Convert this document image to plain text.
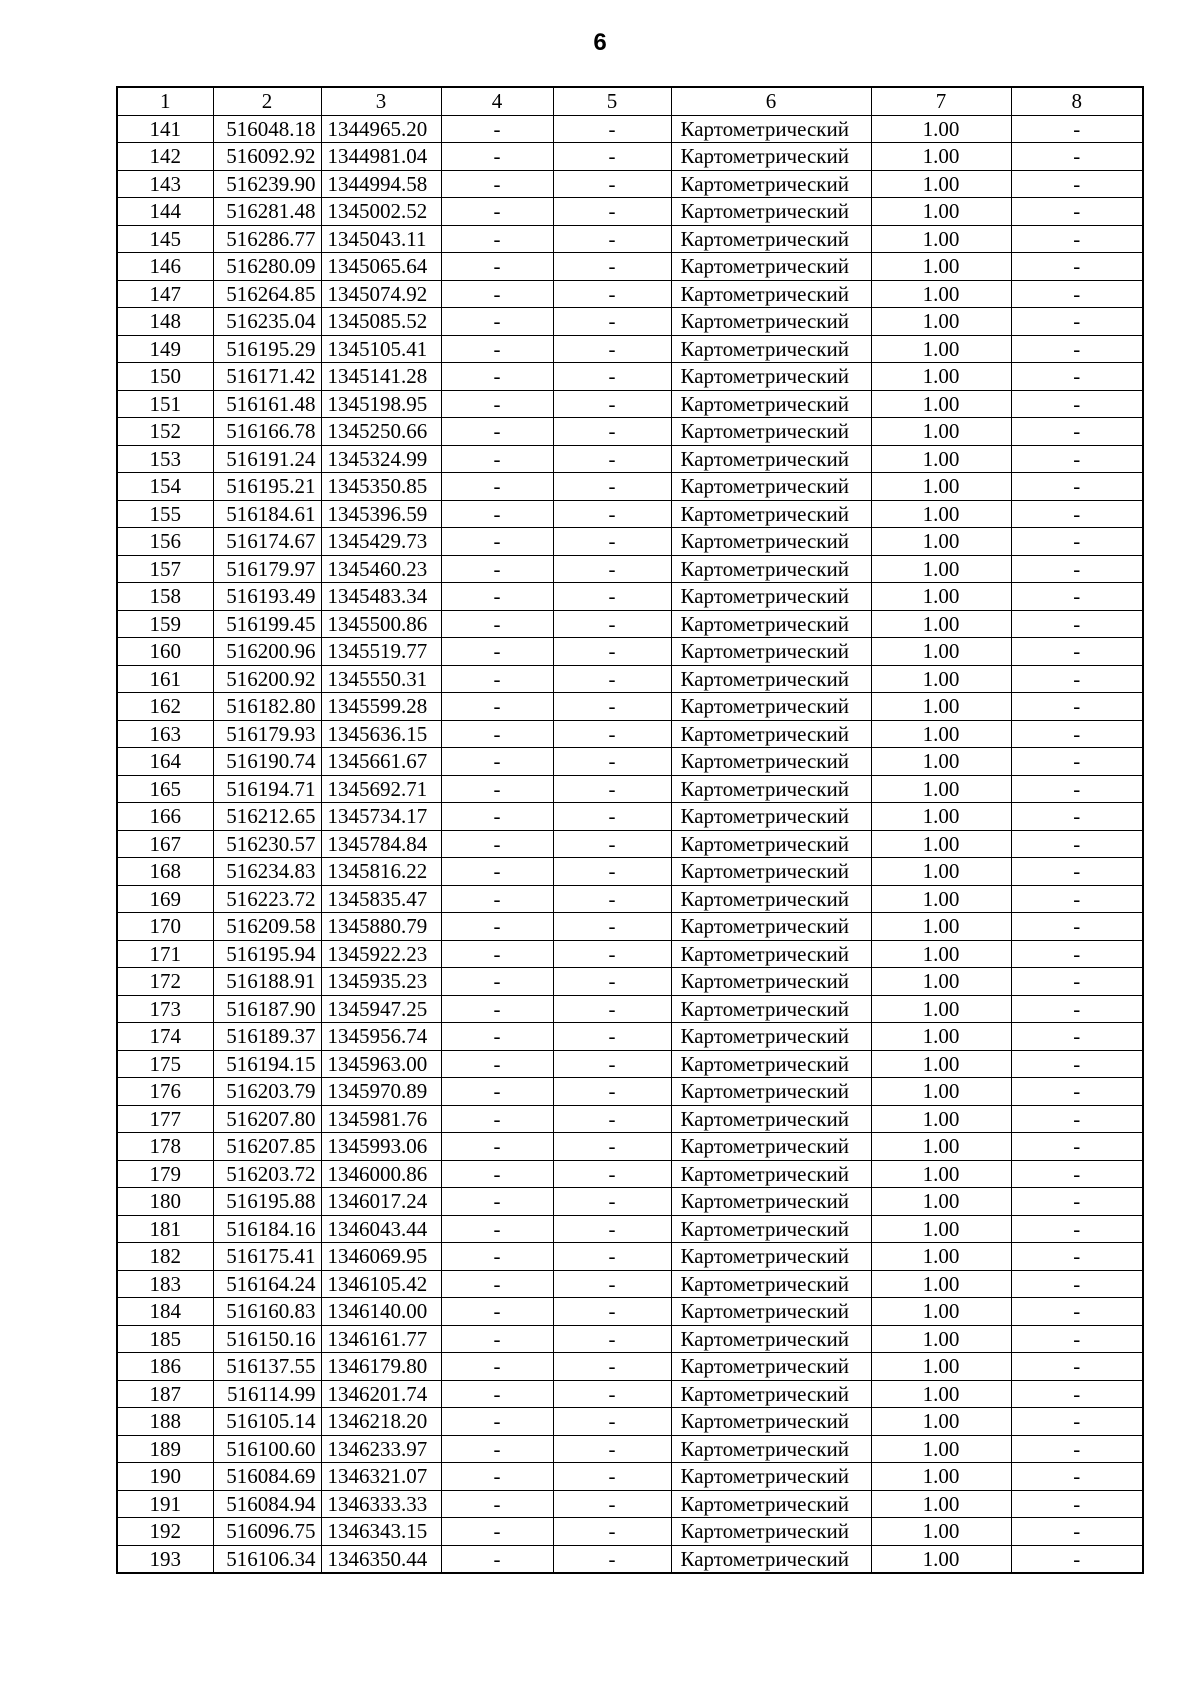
6
1	2	3	4	5	6	7	8
141	516048.18	1344965.20	-	-	Картометрический	1.00	-
142	516092.92	1344981.04	-	-	Картометрический	1.00	-
143	516239.90	1344994.58	-	-	Картометрический	1.00	-
144	516281.48	1345002.52	-	-	Картометрический	1.00	-
145	516286.77	1345043.11	-	-	Картометрический	1.00	-
146	516280.09	1345065.64	-	-	Картометрический	1.00	-
147	516264.85	1345074.92	-	-	Картометрический	1.00	-
148	516235.04	1345085.52	-	-	Картометрический	1.00	-
149	516195.29	1345105.41	-	-	Картометрический	1.00	-
150	516171.42	1345141.28	-	-	Картометрический	1.00	-
151	516161.48	1345198.95	-	-	Картометрический	1.00	-
152	516166.78	1345250.66	-	-	Картометрический	1.00	-
153	516191.24	1345324.99	-	-	Картометрический	1.00	-
154	516195.21	1345350.85	-	-	Картометрический	1.00	-
155	516184.61	1345396.59	-	-	Картометрический	1.00	-
156	516174.67	1345429.73	-	-	Картометрический	1.00	-
157	516179.97	1345460.23	-	-	Картометрический	1.00	-
158	516193.49	1345483.34	-	-	Картометрический	1.00	-
159	516199.45	1345500.86	-	-	Картометрический	1.00	-
160	516200.96	1345519.77	-	-	Картометрический	1.00	-
161	516200.92	1345550.31	-	-	Картометрический	1.00	-
162	516182.80	1345599.28	-	-	Картометрический	1.00	-
163	516179.93	1345636.15	-	-	Картометрический	1.00	-
164	516190.74	1345661.67	-	-	Картометрический	1.00	-
165	516194.71	1345692.71	-	-	Картометрический	1.00	-
166	516212.65	1345734.17	-	-	Картометрический	1.00	-
167	516230.57	1345784.84	-	-	Картометрический	1.00	-
168	516234.83	1345816.22	-	-	Картометрический	1.00	-
169	516223.72	1345835.47	-	-	Картометрический	1.00	-
170	516209.58	1345880.79	-	-	Картометрический	1.00	-
171	516195.94	1345922.23	-	-	Картометрический	1.00	-
172	516188.91	1345935.23	-	-	Картометрический	1.00	-
173	516187.90	1345947.25	-	-	Картометрический	1.00	-
174	516189.37	1345956.74	-	-	Картометрический	1.00	-
175	516194.15	1345963.00	-	-	Картометрический	1.00	-
176	516203.79	1345970.89	-	-	Картометрический	1.00	-
177	516207.80	1345981.76	-	-	Картометрический	1.00	-
178	516207.85	1345993.06	-	-	Картометрический	1.00	-
179	516203.72	1346000.86	-	-	Картометрический	1.00	-
180	516195.88	1346017.24	-	-	Картометрический	1.00	-
181	516184.16	1346043.44	-	-	Картометрический	1.00	-
182	516175.41	1346069.95	-	-	Картометрический	1.00	-
183	516164.24	1346105.42	-	-	Картометрический	1.00	-
184	516160.83	1346140.00	-	-	Картометрический	1.00	-
185	516150.16	1346161.77	-	-	Картометрический	1.00	-
186	516137.55	1346179.80	-	-	Картометрический	1.00	-
187	516114.99	1346201.74	-	-	Картометрический	1.00	-
188	516105.14	1346218.20	-	-	Картометрический	1.00	-
189	516100.60	1346233.97	-	-	Картометрический	1.00	-
190	516084.69	1346321.07	-	-	Картометрический	1.00	-
191	516084.94	1346333.33	-	-	Картометрический	1.00	-
192	516096.75	1346343.15	-	-	Картометрический	1.00	-
193	516106.34	1346350.44	-	-	Картометрический	1.00	-
